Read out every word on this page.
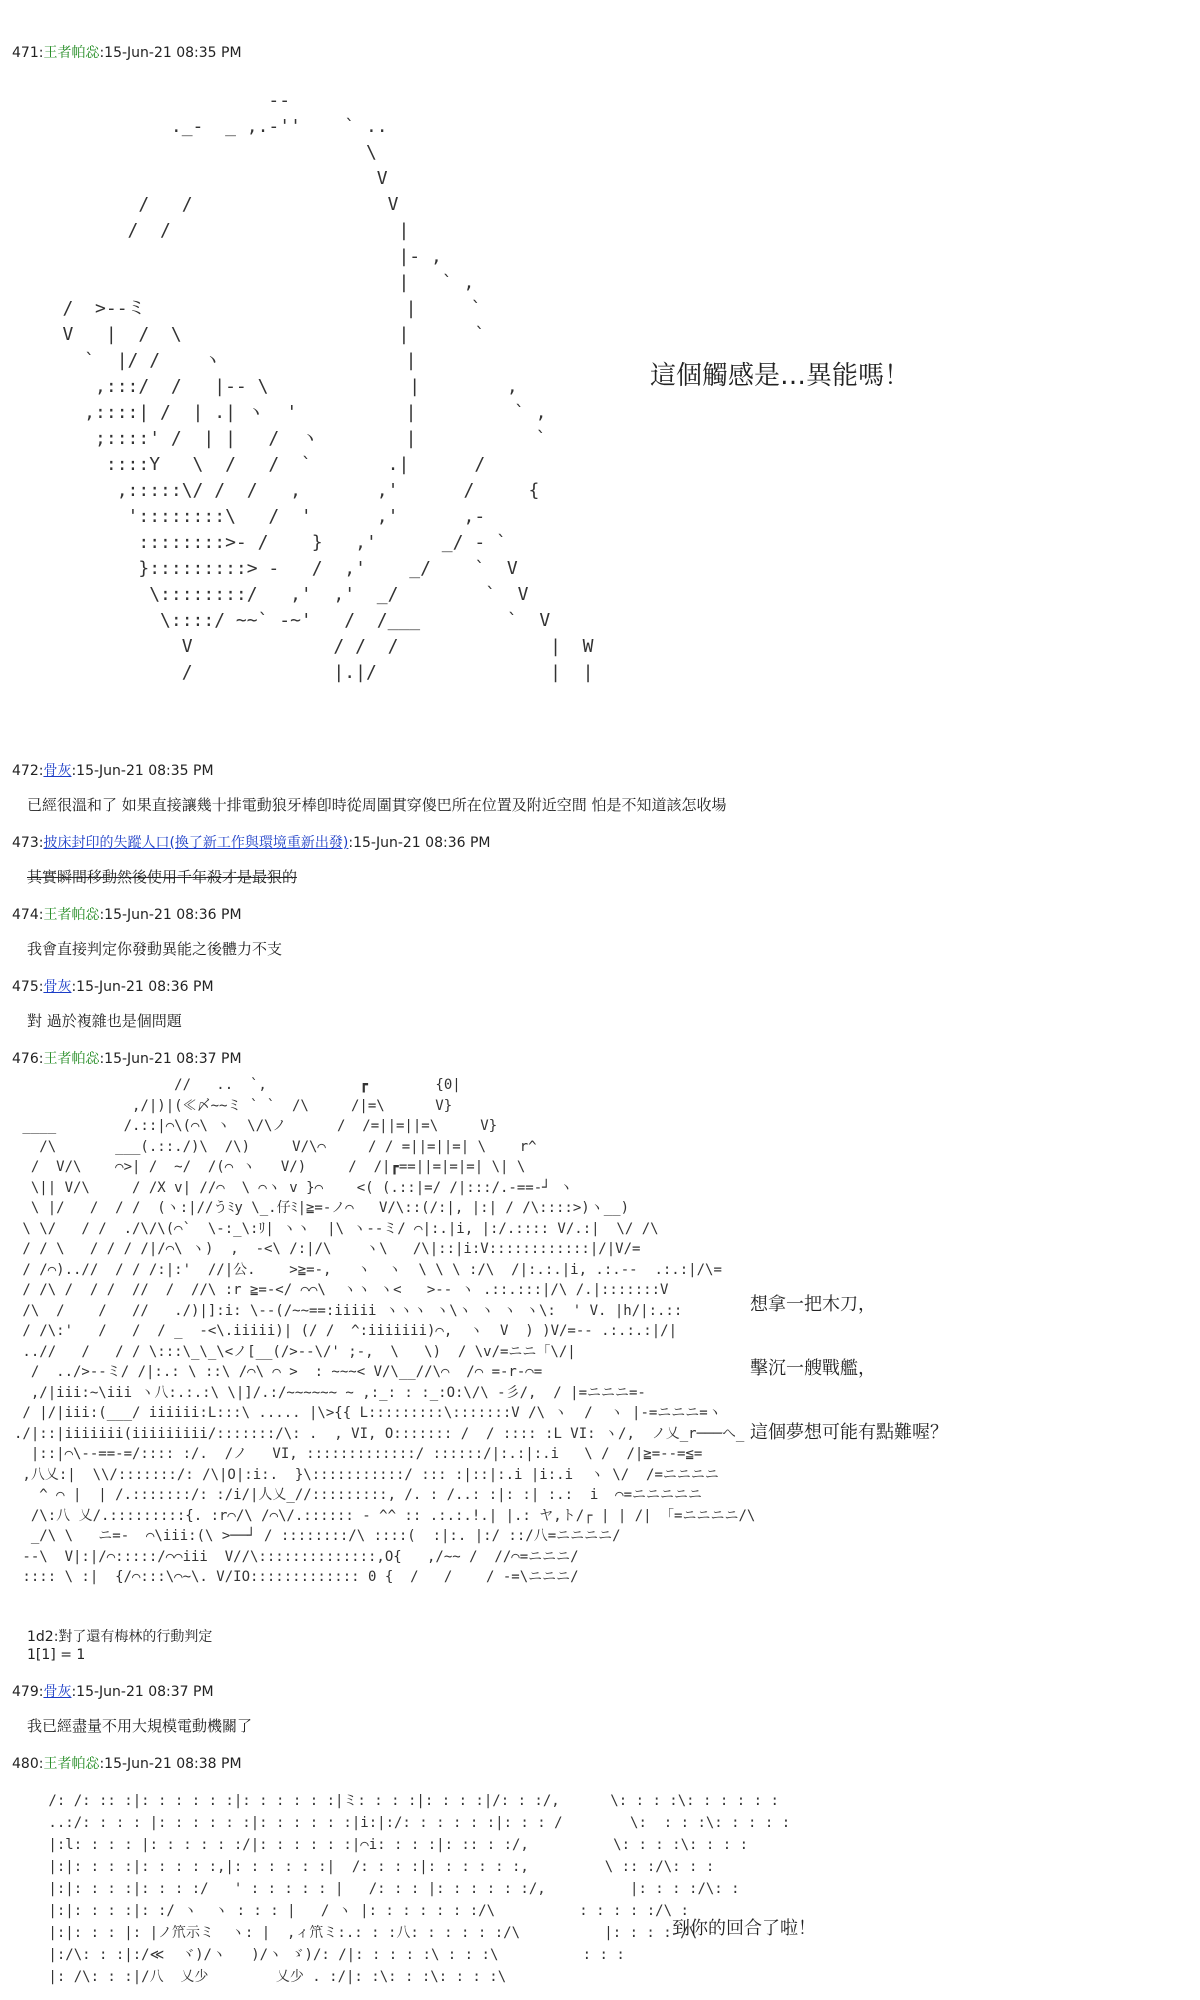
471:王者帕惢:15-Jun-21 08:35 PM
--
._-  _ ,.-''    ` ..
\
V
/   /                  V
/  /                     |
|- ,
|   ` ,
/  >--ミ                        |     `
V   |  /  \                    |      `
`  |/ /    ヽ                 |
,:::/  /   |-- \             |        ,
,::::| /  | .| ヽ  '          |         ` ,
;::::' /  | |   /  ヽ        |           `
::::Y   \  /   /  `       .|      /
,:::::\/ /  /   ,       ,'      /     {
'::::::::\   /  '      ,'      ,-
::::::::>- /    }   ,'      _/ - `
}:::::::::> -   /  ,'    _/    `  V
\::::::::/   ,'  ,'  _/        `  V
\::::/ ~~` -~'   /  /___        `  V
V             / /  /              |  W
/             |.|/                |  |
這個觸感是…異能嗎！
472:骨灰:15-Jun-21 08:35 PM
已經很溫和了 如果直接讓幾十排電動狼牙棒卽時從周圍貫穿傻巴所在位置及附近空間 怕是不知道該怎收場
473:披床封印的失蹤人口(換了新工作與環境重新出發):15-Jun-21 08:36 PM
其實瞬間移動然後使用千年殺才是最狠的
474:王者帕惢:15-Jun-21 08:36 PM
我會直接判定你發動異能之後體力不支
475:骨灰:15-Jun-21 08:36 PM
對 過於複雜也是個問題
476:王者帕惢:15-Jun-21 08:37 PM
//   ..  `,           ┏        {0|
,/|)|(≪〆~~ミ ` `  /\     /|=\      V}
____        /.::|⌒\(⌒\ ヽ  \/\ノ      /  /=||=||=\     V}
/\       ___(.::./)\  /\)     V/\⌒     / / =||=||=| \    r^
/  V/\    ⌒>| /  ~/  /(⌒ ヽ   V/)     /  /|┏==||=|=|=| \| \
\|| V/\     / /X v| //⌒  \ ⌒ヽ v }⌒    <( (.::|=/ /|:::/.-==-┘ ヽ
\ |/   /  / /  (ヽ:|//うﾐy \_.仔ﾐ|≧=-ノ⌒   V/\::(/:|, |:| / /\::::>)ヽ__)
\ \/   / /  ./\/\(⌒`  \-:_\:ﾘ| ヽヽ  |\ ヽ--ミ/ ⌒|:.|i, |:/.:::: V/.:|  \/ /\
/ / \   / / / /|/⌒\ ヽ)  ,  -<\ /:|/\    ヽ\   /\|::|i:V::::::::::::|/|V/=
/ /⌒)..//  / / /:|:'  //|公.    >≧=-,   ヽ  ヽ  \ \ \ :/\  /|:.:.|i, .:.--  .:.:|/\=
/ /\ /  / /  //  /  //\ :r ≧=-</ ⌒⌒\  ヽヽ ヽ<   >-- ヽ .::.:::|/\ /.|:::::::V
/\  /    /   //   ./)|]:i: \--(/~~==:iiiii ヽヽヽ ヽ\ヽ ヽ ヽ ヽ\:  ' V. |h/|:.::
/ /\:'   /   /  / _  -<\.iiiii)| (/ /  ^:iiiiiii)⌒,  ヽ  V  ) )V/=-- .:.:.:|/|
..//   /   / / \:::\_\_\<ノ[__(/>--\/' ;-,  \   \)  / \v/=ニニ「\/|
/  ../>--ミ/ /|:.: \ ::\ /⌒\ ⌒ >  : ~~~< V/\__//\⌒  /⌒ =-r-⌒=
,/|iii:~\iii ヽ八:.:.:\ \|]/.:/~~~~~~ ~ ,:_: : :_:O:\/\ -彡/,  / |=ニニニ=-
/ |/|iii:(___/ iiiiii:L:::\ ..... |\>{{ L:::::::::\:::::::V /\ ヽ  /  ヽ |-=ニニニ=ヽ
./|::|iiiiiii(iiiiiiiii/:::::::/\: .  , VI, O::::::: /  / :::: :L VI: ヽ/,  ノ乂_r───へ_
|::|⌒\--==-=/:::: :/.  /ノ   VI, :::::::::::::/ ::::::/|:.:|:.i   \ /  /|≧=--=≦=
,八乂:|  \\/:::::::/: /\|O|:i:.  }\:::::::::::/ ::: :|::|:.i |i:.i  ヽ \/  /=ニニニニ
^ ⌒ |  | /.:::::::/: :/i/|人乂_//:::::::::, /. : /..: :|: :| :.:  i  ⌒=ニニニニニ
/\:八 乂/.:::::::::{. :r⌒/\ /⌒\/.:::::: - ^^ :: .:.:.!.| |.: ヤ,ト/┌ | | /| 「=ニニニニ/\
_/\ \   ニ=-  ⌒\iii:(\ >──┘ / ::::::::/\ ::::(  :|:. |:/ ::/八=ニニニニ/
--\  V|:|/⌒:::::/⌒⌒iii  V//\::::::::::::::,O{   ,/~~ /  //⌒=ニニニ/
:::: \ :|  {/⌒:::\⌒~\. V/IO::::::::::::: 0 {  /   /    / -=\ニニニ/
想拿一把木刀，
擊沉一艘戰艦，
這個夢想可能有點難喔？
1d2:對了還有梅林的行動判定
1[1] = 1
479:骨灰:15-Jun-21 08:37 PM
我已經盡量不用大規模電動機關了
480:王者帕惢:15-Jun-21 08:38 PM
/: /: :: :|: : : : : :|: : : : : :|ミ: : : :|: : : :|/: : :/,      \: : : :\: : : : : :
..:/: : : : |: : : : : :|: : : : : :|i:|:/: : : : : :|: : : /        \:  : : :\: : : : :
|:l: : : : |: : : : : :/|: : : : : :|⌒i: : : :|: :: : :/,          \: : : :\: : : :
|:|: : : :|: : : : :,|: : : : : :|  /: : : :|: : : : : :,         \ :: :/\: : :
|:|: : : :|: : : :/   ' : : : : : |   /: : : |: : : : : :/,          |: : : :/\: :
|:|: : : :|: :/ ヽ  ヽ : : : |   / ヽ |: : : : : : :/\          : : : : :/\ :
|:|: : : |: |ノ笊示ミ  ヽ: |  ,ィ笊ミ:.: : :八: : : : : :/\          |: : : : /\
|:/\: : :|:/≪  ヾ)/ヽ   )/ヽ ゞ)/: /|: : : : :\ : : :\          : : :
|: /\: : :|/八  乂少        乂少 . :/|: :\: : :\: : : :\
到你的回合了啦！
